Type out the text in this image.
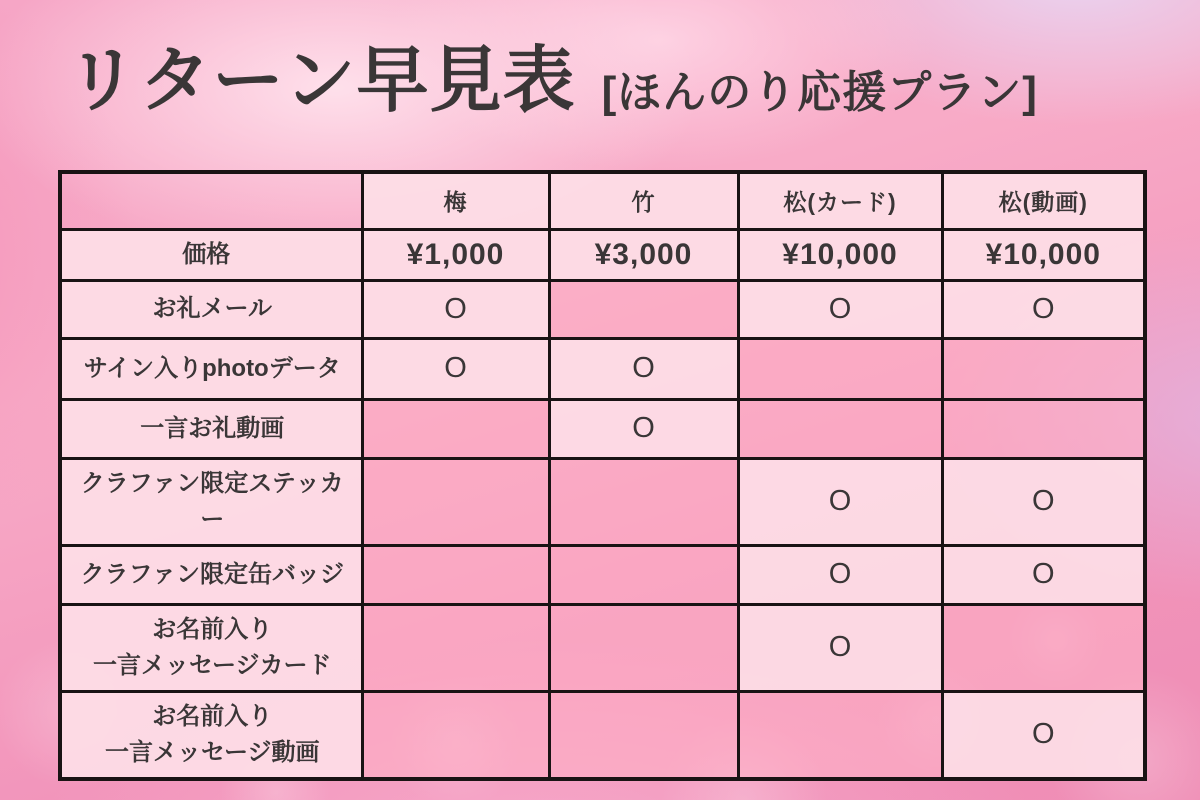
リターン早見表 [ほんのり応援プラン]
	梅	竹	松(カード)	松(動画)

価格	¥1,000	¥3,000	¥10,000	¥10,000

お礼メール	O		O	O

サイン入りphotoデータ	O	O		

一言お礼動画		O		

クラファン限定ステッカー			O	O

クラファン限定缶バッジ			O	O

お名前入り
一言メッセージカード			O	

お名前入り
一言メッセージ動画				O
